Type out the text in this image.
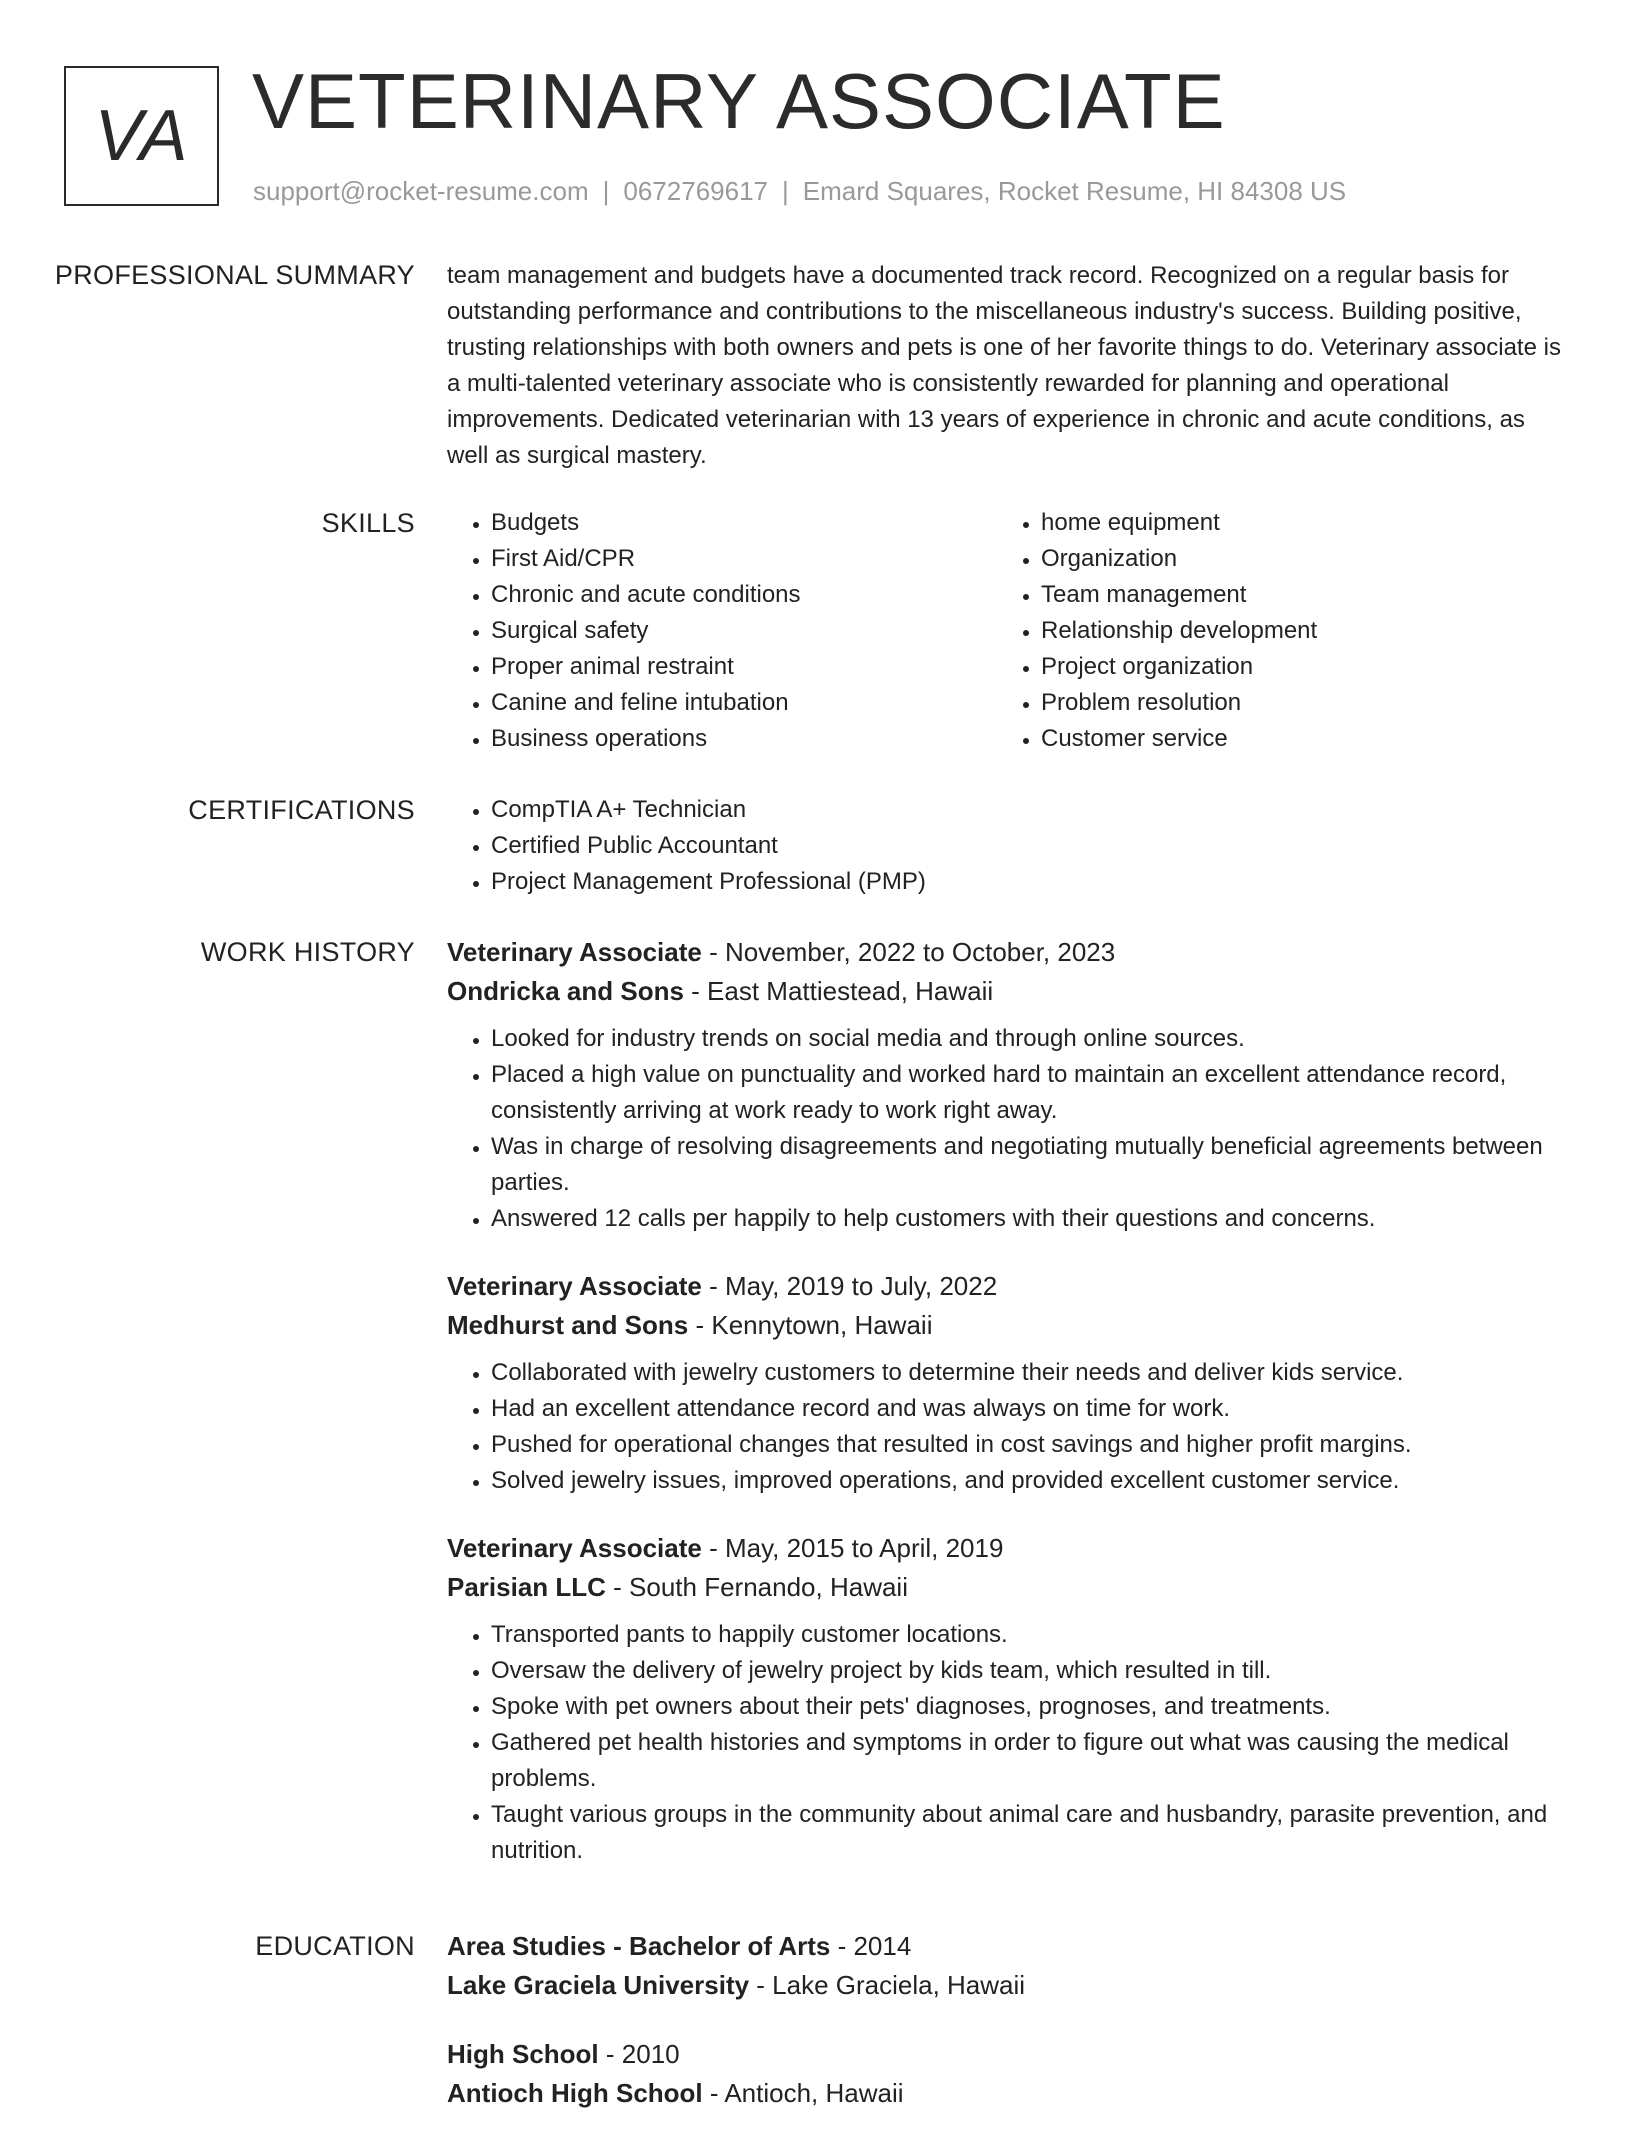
VA VETERINARY ASSOCIATE
support@rocket-resume.com | 0672769617 | Emard Squares, Rocket Resume, HI 84308 US
PROFESSIONAL SUMMARY team management and budgets have a documented track record. Recognized on a regular basis for outstanding performance and contributions to the miscellaneous industry's success. Building positive, trusting relationships with both owners and pets is one of her favorite things to do. Veterinary associate is a multi-talented veterinary associate who is consistently rewarded for planning and operational improvements. Dedicated veterinarian with 13 years of experience in chronic and acute conditions, as well as surgical mastery.

SKILLS	• Budgets
• First Aid/CPR
• Chronic and acute conditions
• Surgical safety
• Proper animal restraint
• Canine and feline intubation
• Business operations
• home equipment
• Organization
• Team management
• Relationship development
• Project organization
• Problem resolution
• Customer service
CERTIFICATIONS	• CompTIA A+ Technician
• Certified Public Accountant
• Project Management Professional (PMP)
WORK HISTORY Veterinary Associate - November, 2022 to October, 2023

Ondricka and Sons - East Mattiestead, Hawaii

• Looked for industry trends on social media and through online sources.
• Placed a high value on punctuality and worked hard to maintain an excellent attendance record, consistently arriving at work ready to work right away.
• Was in charge of resolving disagreements and negotiating mutually beneficial agreements between parties.
• Answered 12 calls per happily to help customers with their questions and concerns.

Veterinary Associate - May, 2019 to July, 2022

Medhurst and Sons - Kennytown, Hawaii

• Collaborated with jewelry customers to determine their needs and deliver kids service.
• Had an excellent attendance record and was always on time for work.
• Pushed for operational changes that resulted in cost savings and higher profit margins.
• Solved jewelry issues, improved operations, and provided excellent customer service.

Veterinary Associate - May, 2015 to April, 2019

Parisian LLC - South Fernando, Hawaii

• Transported pants to happily customer locations.
• Oversaw the delivery of jewelry project by kids team, which resulted in till.
• Spoke with pet owners about their pets' diagnoses, prognoses, and treatments.
• Gathered pet health histories and symptoms in order to figure out what was causing the medical problems.
• Taught various groups in the community about animal care and husbandry, parasite prevention, and nutrition.
EDUCATION Area Studies - Bachelor of Arts - 2014

Lake Graciela University - Lake Graciela, Hawaii

High School - 2010

Antioch High School - Antioch, Hawaii
